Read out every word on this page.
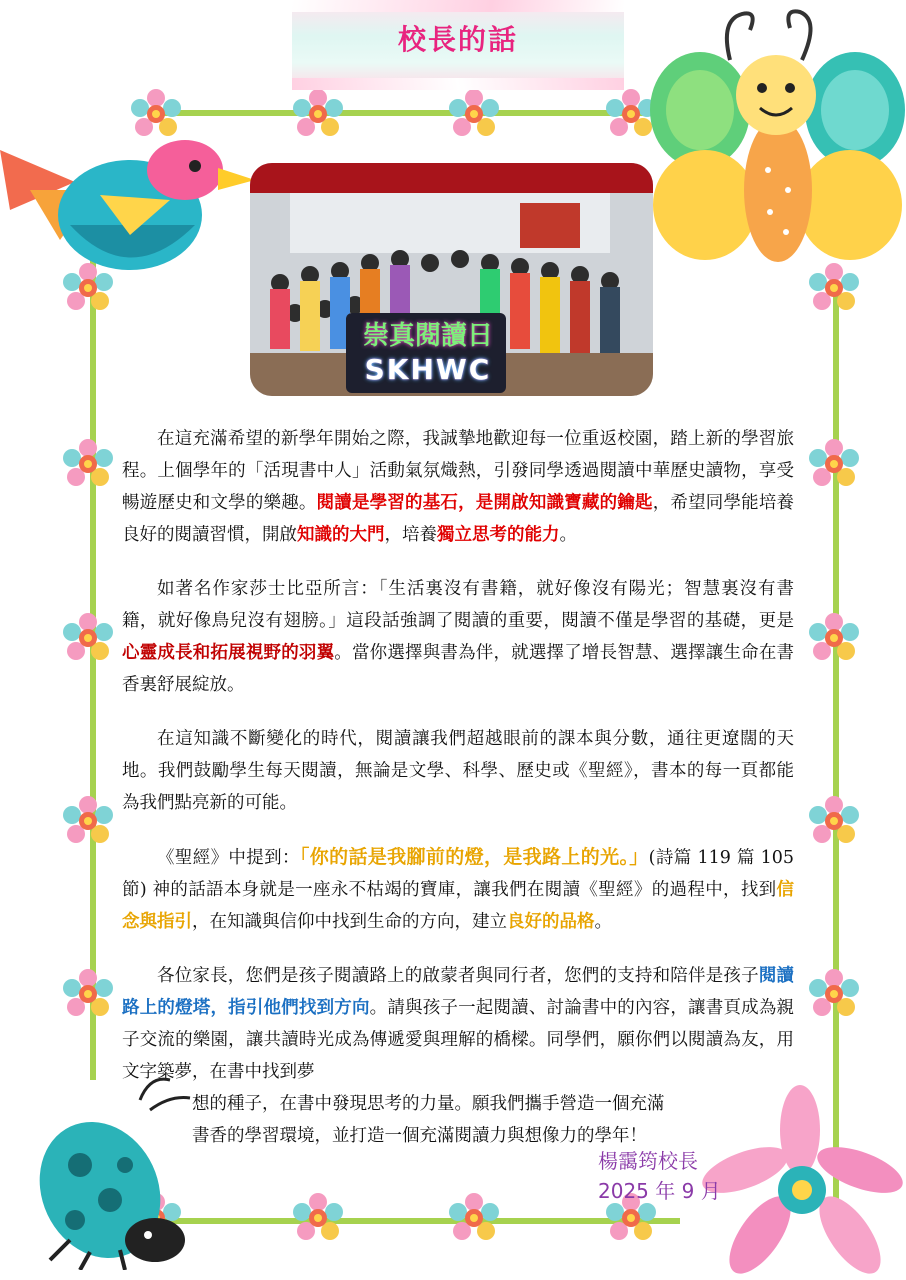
校長的話
崇真閱讀日
SKHWC

在這充滿希望的新學年開始之際，我誠摯地歡迎每一位重返校園，踏上新的學習旅程。上個學年的「活現書中人」活動氣氛熾熱，引發同學透過閱讀中華歷史讀物，享受暢遊歷史和文學的樂趣。閱讀是學習的基石，是開啟知識寶藏的鑰匙，希望同學能培養良好的閱讀習慣，開啟知識的大門，培養獨立思考的能力。

如著名作家莎士比亞所言：「生活裏沒有書籍，就好像沒有陽光；智慧裏沒有書籍，就好像鳥兒沒有翅膀。」這段話強調了閱讀的重要，閱讀不僅是學習的基礎，更是心靈成長和拓展視野的羽翼。當你選擇與書為伴，就選擇了增長智慧、選擇讓生命在書香裏舒展綻放。

在這知識不斷變化的時代，閱讀讓我們超越眼前的課本與分數，通往更遼闊的天地。我們鼓勵學生每天閱讀，無論是文學、科學、歷史或《聖經》，書本的每一頁都能為我們點亮新的可能。

《聖經》中提到：「你的話是我腳前的燈，是我路上的光。」(詩篇 119 篇 105 節) 神的話語本身就是一座永不枯竭的寶庫，讓我們在閱讀《聖經》的過程中，找到信念與指引，在知識與信仰中找到生命的方向，建立良好的品格。

各位家長，您們是孩子閱讀路上的啟蒙者與同行者，您們的支持和陪伴是孩子閱讀路上的燈塔，指引他們找到方向。請與孩子一起閱讀、討論書中的內容，讓書頁成為親子交流的樂園，讓共讀時光成為傳遞愛與理解的橋樑。同學們，願你們以閱讀為友，用文字築夢，在書中找到夢

想的種子，在書中發現思考的力量。願我們攜手營造一個充滿
書香的學習環境，並打造一個充滿閱讀力與想像力的學年！
楊靄筠校長
2025 年 9 月
